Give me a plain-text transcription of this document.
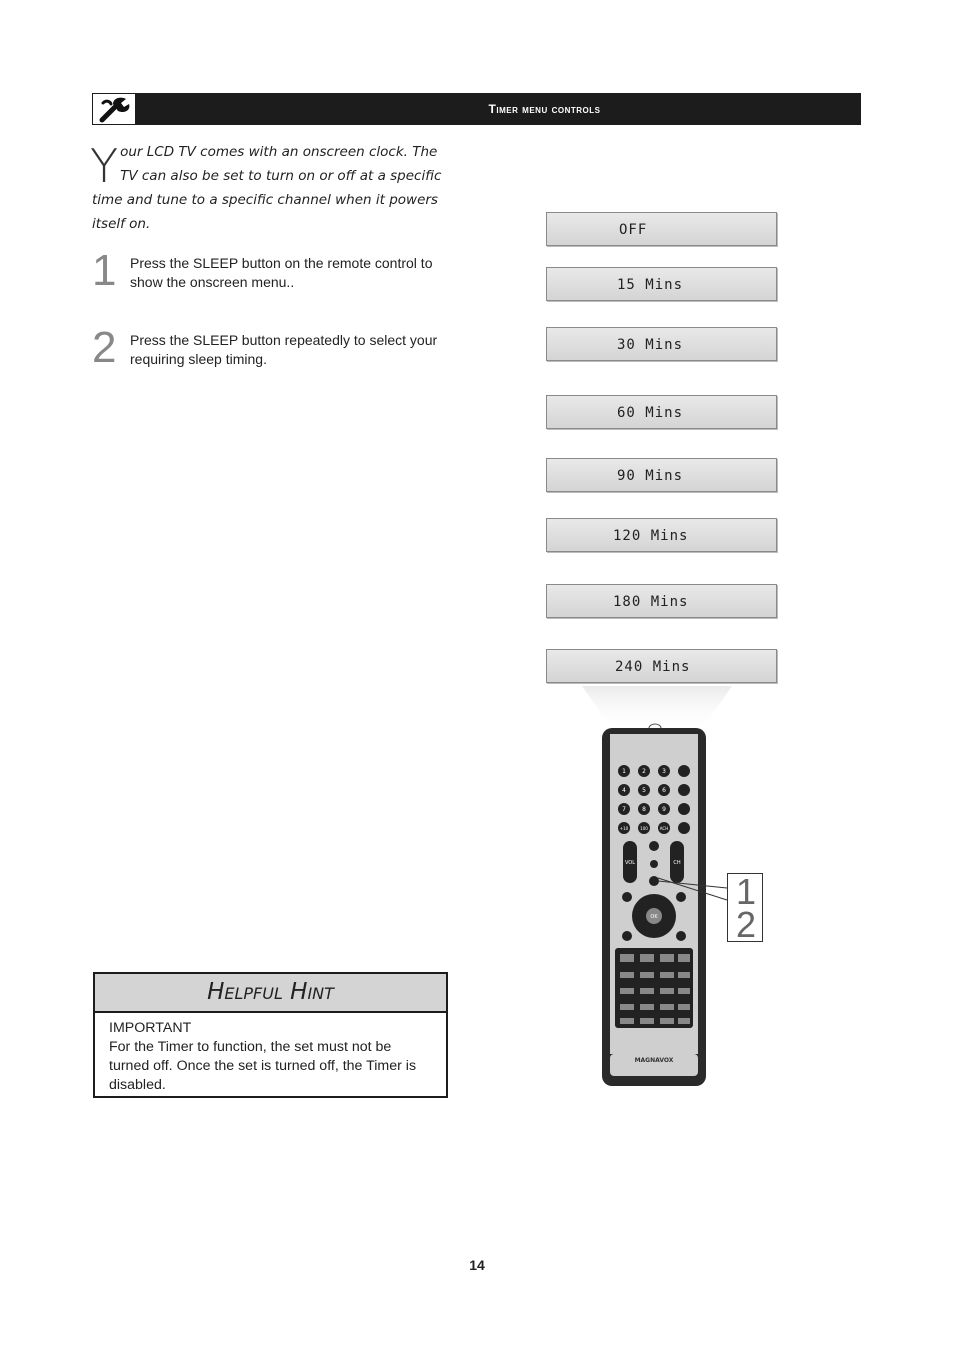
Timer menu controls
Your LCD TV comes with an onscreen clock. The TV can also be set to turn on or off at a specific time and tune to a specific channel when it powers itself on.
1 Press the SLEEP button on the remote control to show the onscreen menu..
2 Press the SLEEP button repeatedly to select your requiring sleep timing.
OFF
15 Mins
30 Mins
60 Mins
90 Mins
120 Mins
180 Mins
240 Mins
1	2	3
4	5	6
7	8	9
+10	100	ACH
VOL	CH
OK
MAGNAVOX
1
2
Helpful Hint
IMPORTANT
For the Timer to function, the set must not be turned off. Once the set is turned off, the Timer is disabled.
14
